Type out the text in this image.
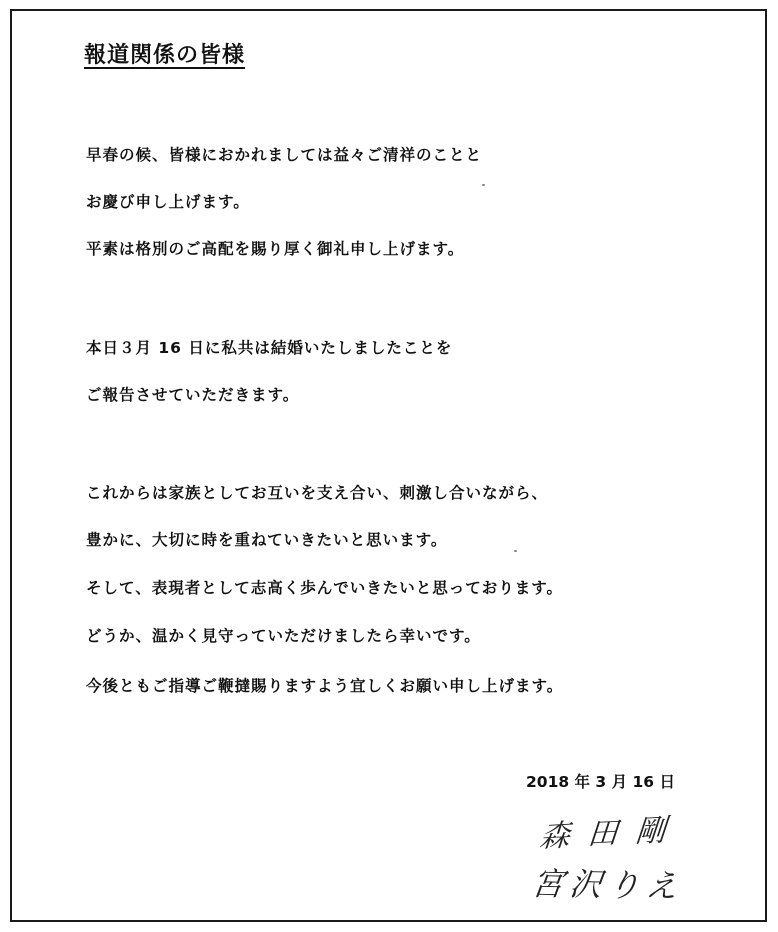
報道関係の皆様
早春の候、皆様におかれましては益々ご清祥のことと
お慶び申し上げます。
平素は格別のご高配を賜り厚く御礼申し上げます。
本日３月 16 日に私共は結婚いたしましたことを
ご報告させていただきます。
これからは家族としてお互いを支え合い、刺激し合いながら、
豊かに、大切に時を重ねていきたいと思います。
そして、表現者として志高く歩んでいきたいと思っております。
どうか、温かく見守っていただけましたら幸いです。
今後ともご指導ご鞭撻賜りますよう宜しくお願い申し上げます。
2018 年 3 月 16 日
森田剛
宮沢りえ
